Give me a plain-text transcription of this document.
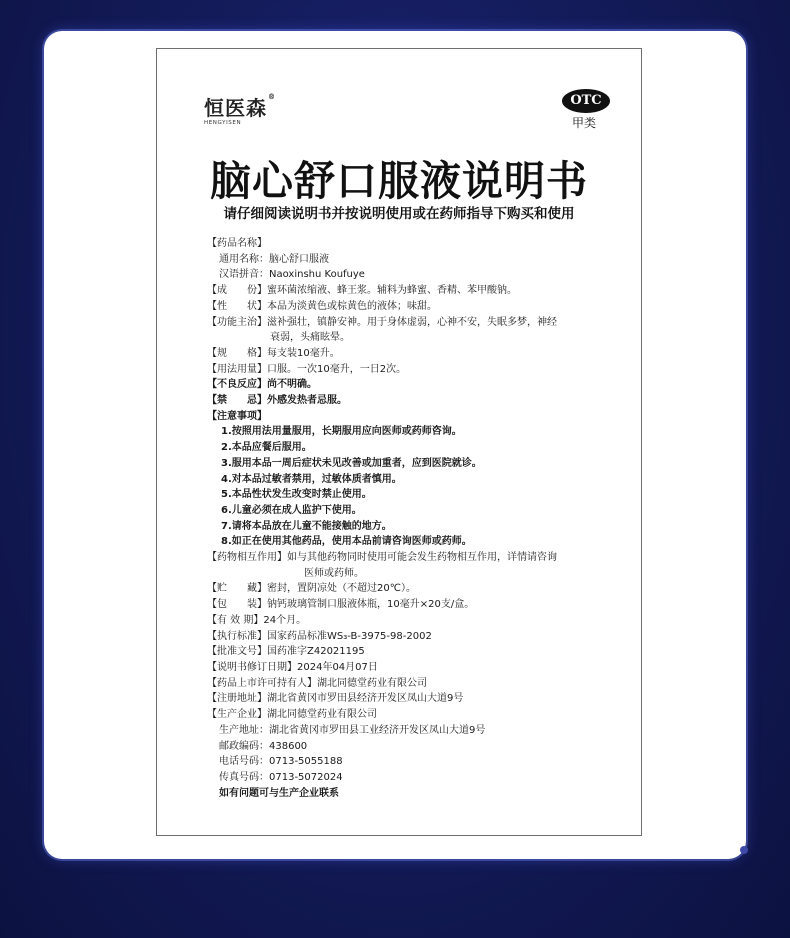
恒医森®
HENGYISEN
OTC
甲类
脑心舒口服液说明书
请仔细阅读说明书并按说明使用或在药师指导下购买和使用
【药品名称】
通用名称：脑心舒口服液
汉语拼音：Naoxinshu Koufuye
【成　　份】蜜环菌浓缩液、蜂王浆。辅料为蜂蜜、香精、苯甲酸钠。
【性　　状】本品为淡黄色或棕黄色的液体；味甜。
【功能主治】滋补强壮，镇静安神。用于身体虚弱，心神不安，失眠多梦，神经
衰弱，头痛眩晕。
【规　　格】每支装10毫升。
【用法用量】口服。一次10毫升，一日2次。
【不良反应】尚不明确。
【禁　　忌】外感发热者忌服。
【注意事项】
1.按照用法用量服用，长期服用应向医师或药师咨询。
2.本品应餐后服用。
3.服用本品一周后症状未见改善或加重者，应到医院就诊。
4.对本品过敏者禁用，过敏体质者慎用。
5.本品性状发生改变时禁止使用。
6.儿童必须在成人监护下使用。
7.请将本品放在儿童不能接触的地方。
8.如正在使用其他药品，使用本品前请咨询医师或药师。
【药物相互作用】如与其他药物同时使用可能会发生药物相互作用，详情请咨询
医师或药师。
【贮　　藏】密封，置阴凉处（不超过20℃）。
【包　　装】钠钙玻璃管制口服液体瓶，10毫升×20支/盒。
【有 效 期】24个月。
【执行标准】国家药品标准WS₃-B-3975-98-2002
【批准文号】国药准字Z42021195
【说明书修订日期】2024年04月07日
【药品上市许可持有人】湖北同德堂药业有限公司
【注册地址】湖北省黄冈市罗田县经济开发区凤山大道9号
【生产企业】湖北同德堂药业有限公司
生产地址：湖北省黄冈市罗田县工业经济开发区凤山大道9号
邮政编码：438600
电话号码：0713-5055188
传真号码：0713-5072024
如有问题可与生产企业联系
